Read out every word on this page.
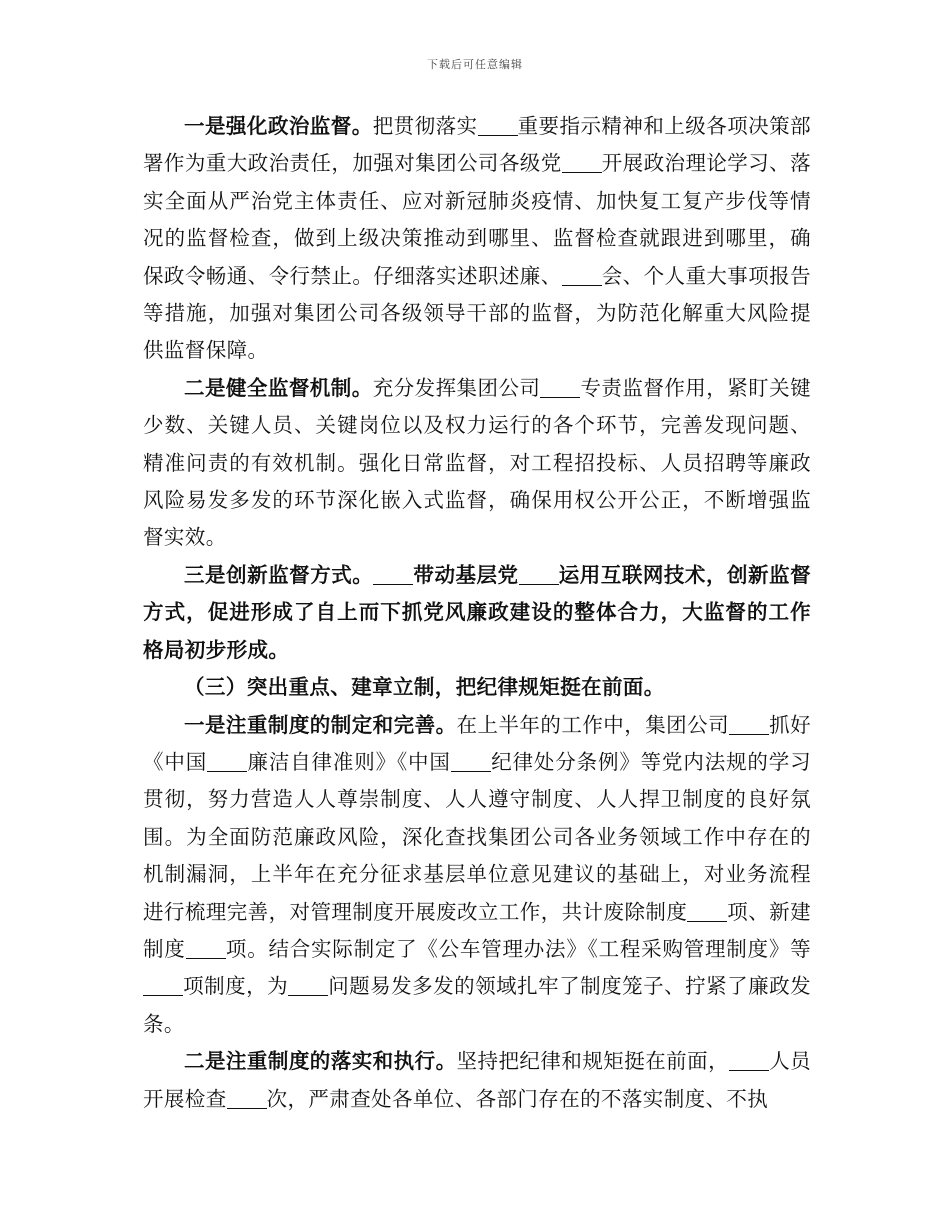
下载后可任意编辑

一是强化政治监督。把贯彻落实 重要指示精神和上级各项决策部署作为重大政治责任，加强对集团公司各级党 开展政治理论学习、落实全面从严治党主体责任、应对新冠肺炎疫情、加快复工复产步伐等情况的监督检查，做到上级决策推动到哪里、监督检查就跟进到哪里，确保政令畅通、令行禁止。仔细落实述职述廉、 会、个人重大事项报告等措施，加强对集团公司各级领导干部的监督，为防范化解重大风险提供监督保障。

二是健全监督机制。充分发挥集团公司 专责监督作用，紧盯关键少数、关键人员、关键岗位以及权力运行的各个环节，完善发现问题、精准问责的有效机制。强化日常监督，对工程招投标、人员招聘等廉政风险易发多发的环节深化嵌入式监督，确保用权公开公正，不断增强监督实效。

三是创新监督方式。 带动基层党 运用互联网技术，创新监督方式，促进形成了自上而下抓党风廉政建设的整体合力，大监督的工作格局初步形成。

（三）突出重点、建章立制，把纪律规矩挺在前面。

一是注重制度的制定和完善。在上半年的工作中，集团公司 抓好《中国 廉洁自律准则》《中国 纪律处分条例》等党内法规的学习贯彻，努力营造人人尊崇制度、人人遵守制度、人人捍卫制度的良好氛围。为全面防范廉政风险，深化查找集团公司各业务领域工作中存在的机制漏洞，上半年在充分征求基层单位意见建议的基础上，对业务流程进行梳理完善，对管理制度开展废改立工作，共计废除制度 项、新建制度 项。结合实际制定了《公车管理办法》《工程采购管理制度》等项制度，为 问题易发多发的领域扎牢了制度笼子、拧紧了廉政发条。

二是注重制度的落实和执行。坚持把纪律和规矩挺在前面， 人员开展检查 次，严肃查处各单位、各部门存在的不落实制度、不执
